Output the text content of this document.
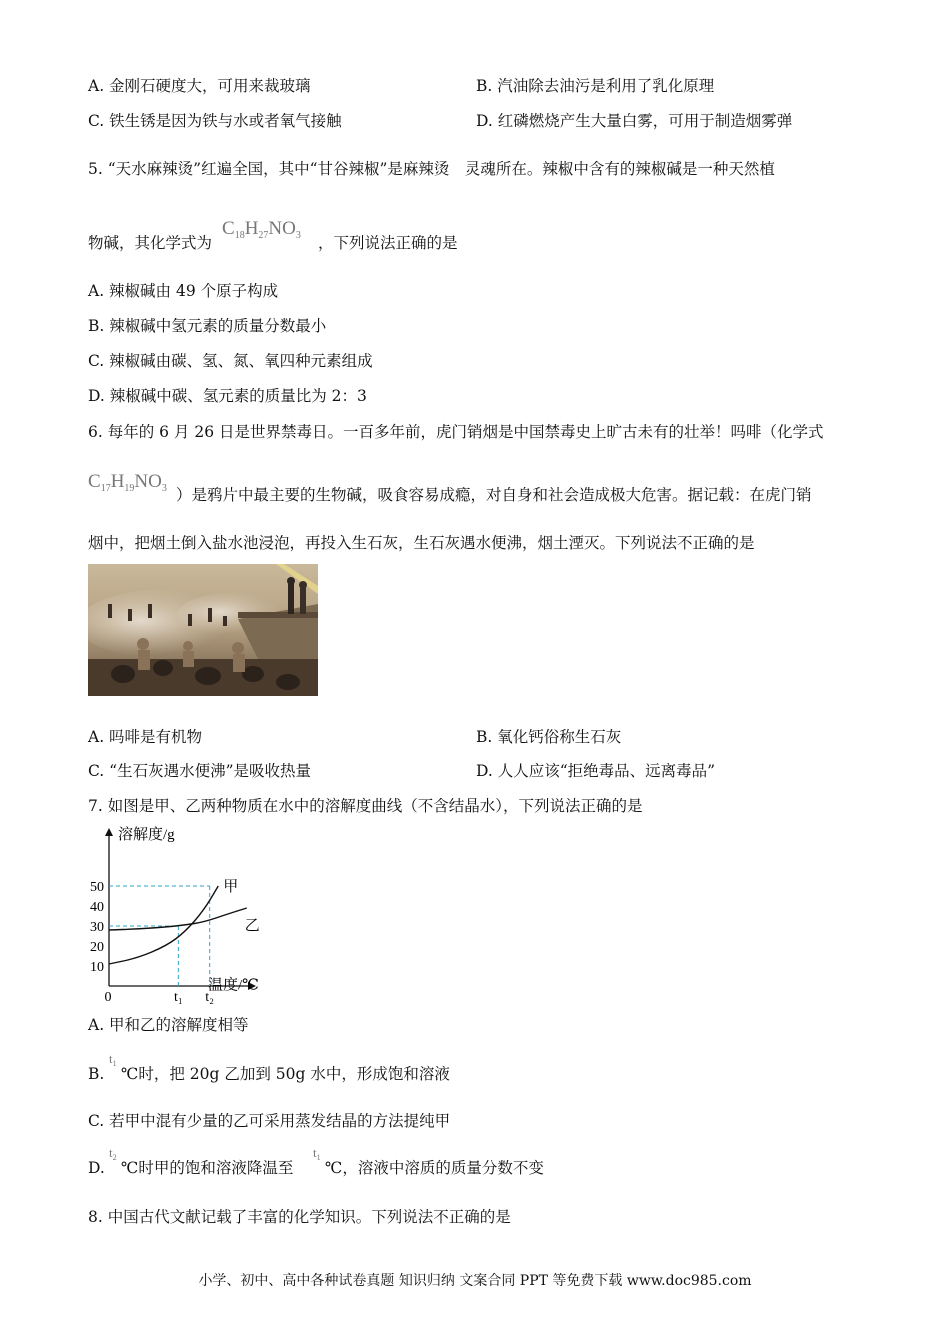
A. 金刚石硬度大，可用来裁玻璃	B. 汽油除去油污是利用了乳化原理
C. 铁生锈是因为铁与水或者氧气接触	D. 红磷燃烧产生大量白雾，可用于制造烟雾弹
5. “天水麻辣烫”红遍全国，其中“甘谷辣椒”是麻辣烫　灵魂所在。辣椒中含有的辣椒碱是一种天然植
物碱，其化学式为
$C_{18}H_{27}NO_3$ ，下列说法正确的是
A. 辣椒碱由 49 个原子构成
B. 辣椒碱中氢元素的质量分数最小
C. 辣椒碱由碳、氢、氮、氧四种元素组成
D. 辣椒碱中碳、氢元素的质量比为 2：3
6. 每年的 6 月 26 日是世界禁毒日。一百多年前，虎门销烟是中国禁毒史上旷古未有的壮举！吗啡（化学式
$C_{17}H_{19}NO_3$ ）是鸦片中最主要的生物碱，吸食容易成瘾，对自身和社会造成极大危害。据记载：在虎门销
烟中，把烟土倒入盐水池浸泡，再投入生石灰，生石灰遇水便沸，烟土湮灭。下列说法不正确的是
A. 吗啡是有机物	B. 氧化钙俗称生石灰
C. “生石灰遇水便沸”是吸收热量	D. 人人应该“拒绝毒品、远离毒品”
7. 如图是甲、乙两种物质在水中的溶解度曲线（不含结晶水），下列说法正确的是
溶解度/g
温度/℃
10
20
30
40
50
0	t₁ t₂
甲
乙
A. 甲和乙的溶解度相等
B.
$t_1$
℃时，把 20g 乙加到 50g 水中，形成饱和溶液
C. 若甲中混有少量的乙可采用蒸发结晶的方法提纯甲
D.
$t_2$
℃时甲的饱和溶液降温至
$t_1$
℃，溶液中溶质的质量分数不变
8. 中国古代文献记载了丰富的化学知识。下列说法不正确的是
小学、初中、高中各种试卷真题 知识归纳 文案合同 PPT 等免费下载 www.doc985.com
